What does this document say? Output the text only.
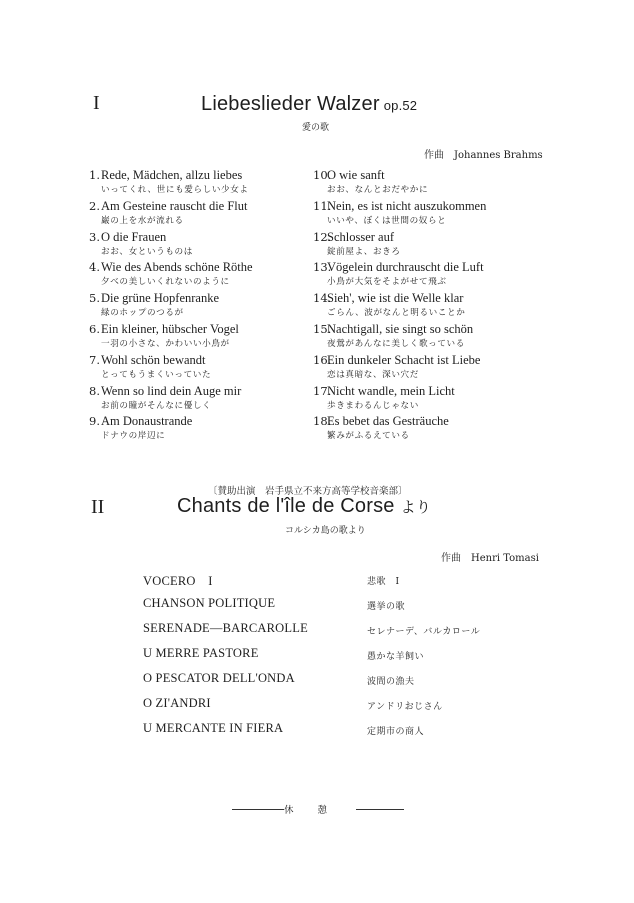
I	Liebeslieder Walzer op.52
愛の歌
作曲 Johannes Brahms
1. Rede, Mädchen, allzu liebes
いってくれ、世にも愛らしい少女よ
2. Am Gesteine rauscht die Flut
巌の上を水が流れる
3. O die Frauen
おお、女というものは
4. Wie des Abends schöne Röthe
夕べの美しいくれないのように
5. Die grüne Hopfenranke
緑のホップのつるが
6. Ein kleiner, hübscher Vogel
一羽の小さな、かわいい小鳥が
7. Wohl schön bewandt
とってもうまくいっていた
8. Wenn so lind dein Auge mir
お前の瞳がそんなに優しく
9. Am Donaustrande
ドナウの岸辺に
10.
O wie sanft
おお、なんとおだやかに
11.
Nein, es ist nicht auszukommen
いいや、ぼくは世間の奴らと
12.
Schlosser auf
錠前屋よ、おきろ
13.
Vögelein durchrauscht die Luft
小鳥が大気をそよがせて飛ぶ
14.
Sieh', wie ist die Welle klar
ごらん、波がなんと明るいことか
15.
Nachtigall, sie singt so schön
夜鶯があんなに美しく歌っている
16.
Ein dunkeler Schacht ist Liebe
恋は真暗な、深い穴だ
17.
Nicht wandle, mein Licht
歩きまわるんじゃない
18.
Es bebet das Gesträuche
繁みがふるえている
〔賛助出演　岩手県立不来方高等学校音楽部〕
II	Chants de l'île de Corse より
コルシカ島の歌より
作曲 Henri Tomasi
VOCERO　I	悲歌　I
CHANSON POLITIQUE	選挙の歌
SERENADE—BARCAROLLE	セレナーデ、バルカロール
U MERRE PASTORE	愚かな羊飼い
O PESCATOR DELL'ONDA	波間の漁夫
O ZI'ANDRI	アンドリおじさん
U MERCANTE IN FIERA	定期市の商人
休憩
